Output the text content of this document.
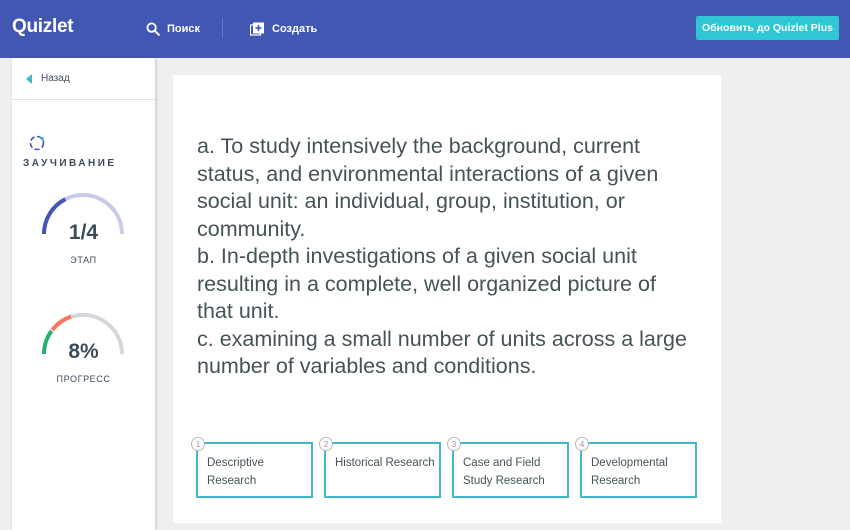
Quizlet	Поиск	Создать	Обновить до Quizlet Plus
Назад
ЗАУЧИВАНИЕ
1/4
ЭТАП
8%
ПРОГРЕСС

a. To study intensively the background, current status, and environmental interactions of a given social unit: an individual, group, institution, or community.

b. In-depth investigations of a given social unit resulting in a complete, well organized picture of that unit.

c. examining a small number of units across a large number of variables and conditions.

1
Descriptive Research
2
Historical Research
3
Case and Field Study Research
4
Developmental Research
